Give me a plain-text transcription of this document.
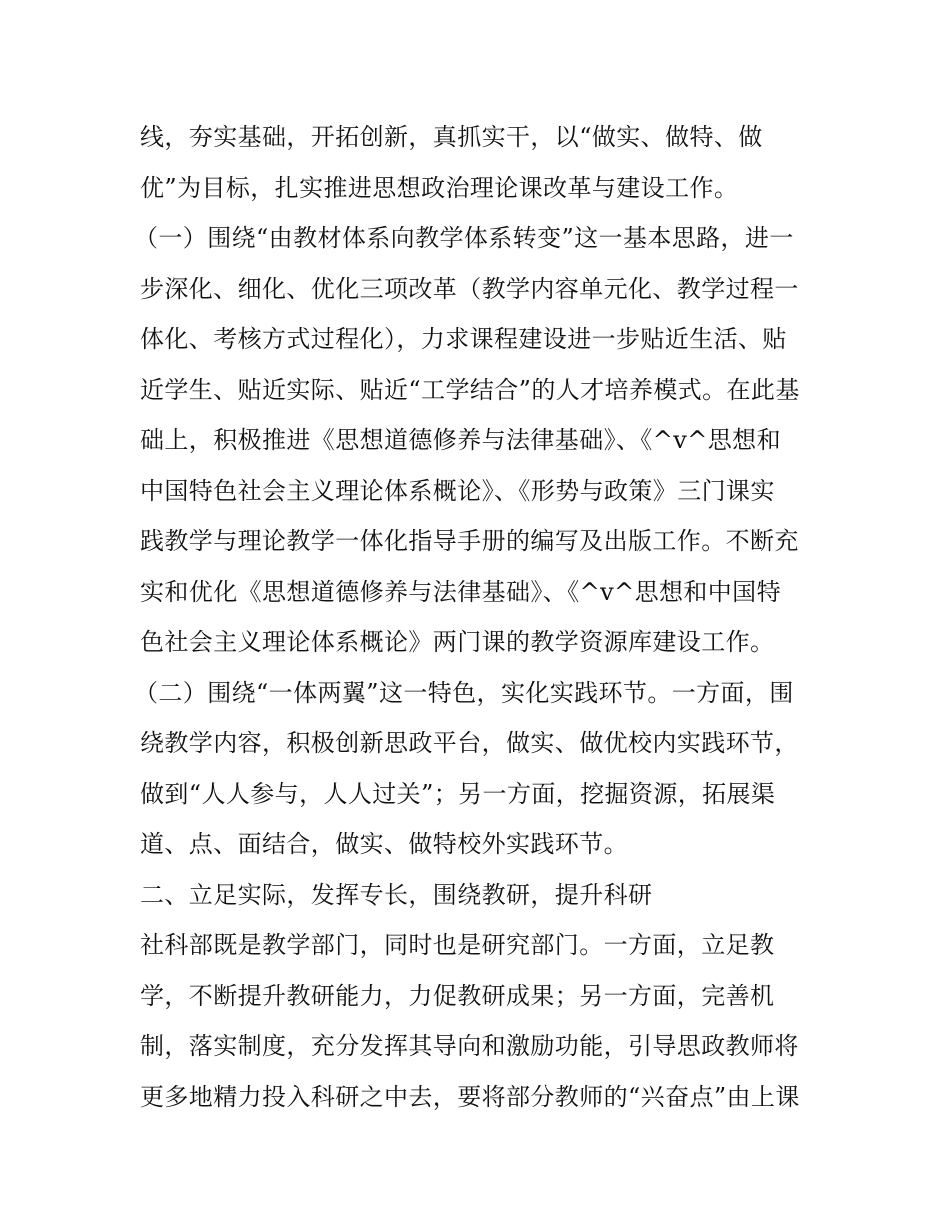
线，夯实基础，开拓创新，真抓实干，以“做实、做特、做
优”为目标，扎实推进思想政治理论课改革与建设工作。
（一）围绕“由教材体系向教学体系转变”这一基本思路，进一
步深化、细化、优化三项改革（教学内容单元化、教学过程一
体化、考核方式过程化），力求课程建设进一步贴近生活、贴
近学生、贴近实际、贴近“工学结合”的人才培养模式。在此基
础上，积极推进《思想道德修养与法律基础》、《^v^思想和
中国特色社会主义理论体系概论》、《形势与政策》三门课实
践教学与理论教学一体化指导手册的编写及出版工作。不断充
实和优化《思想道德修养与法律基础》、《^v^思想和中国特
色社会主义理论体系概论》两门课的教学资源库建设工作。
（二）围绕“一体两翼”这一特色，实化实践环节。一方面，围
绕教学内容，积极创新思政平台，做实、做优校内实践环节，
做到“人人参与，人人过关”；另一方面，挖掘资源，拓展渠
道、点、面结合，做实、做特校外实践环节。
二、立足实际，发挥专长，围绕教研，提升科研
社科部既是教学部门，同时也是研究部门。一方面，立足教
学，不断提升教研能力，力促教研成果；另一方面，完善机
制，落实制度，充分发挥其导向和激励功能，引导思政教师将
更多地精力投入科研之中去，要将部分教师的“兴奋点”由上课
